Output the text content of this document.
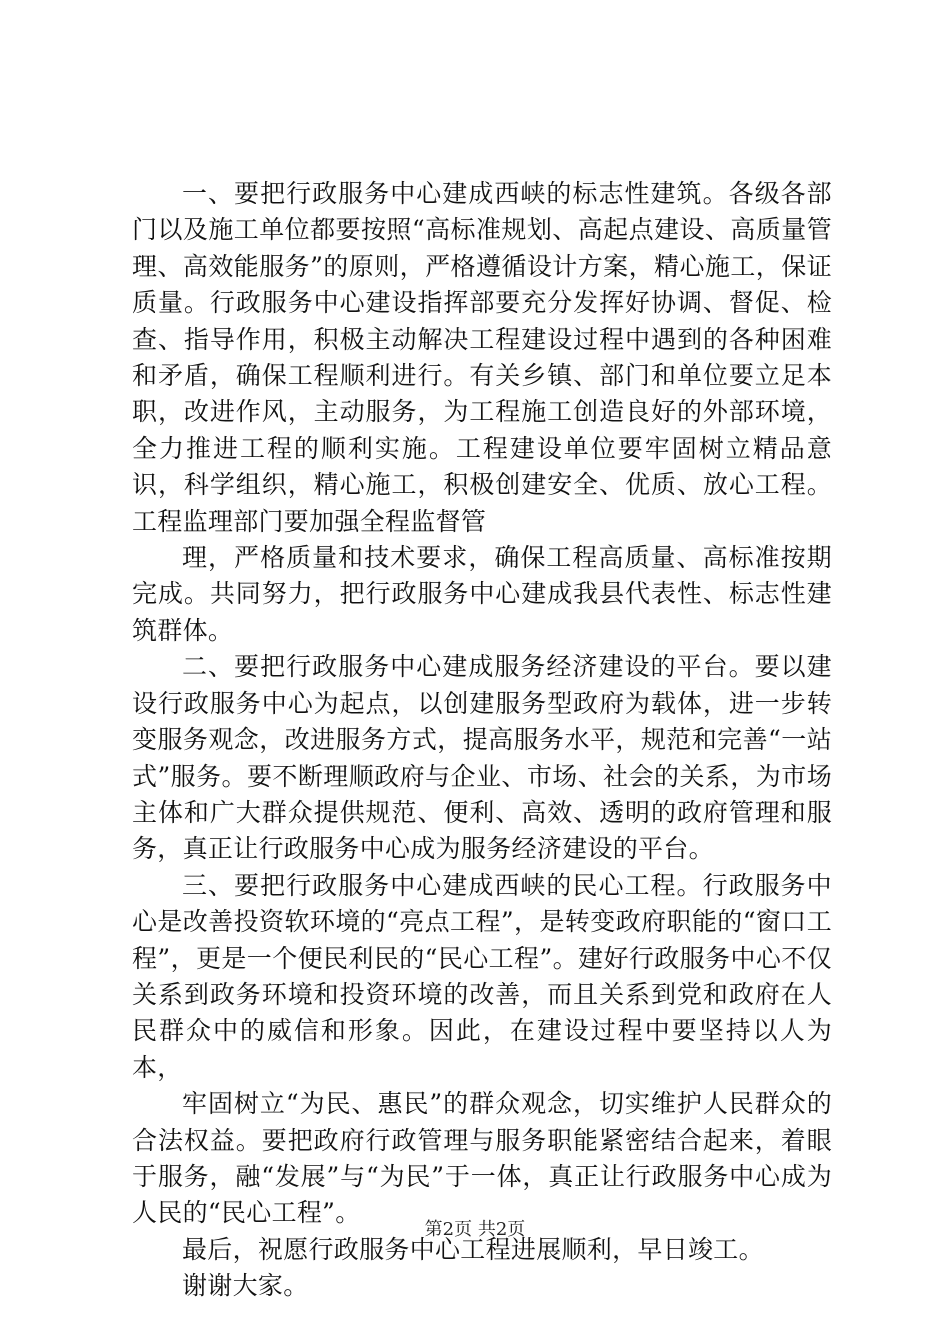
一、要把行政服务中心建成西峡的标志性建筑。各级各部门以及施工单位都要按照“高标准规划、高起点建设、高质量管理、高效能服务”的原则，严格遵循设计方案，精心施工，保证质量。行政服务中心建设指挥部要充分发挥好协调、督促、检查、指导作用，积极主动解决工程建设过程中遇到的各种困难和矛盾，确保工程顺利进行。有关乡镇、部门和单位要立足本职，改进作风，主动服务，为工程施工创造良好的外部环境，全力推进工程的顺利实施。工程建设单位要牢固树立精品意识，科学组织，精心施工，积极创建安全、优质、放心工程。工程监理部门要加强全程监督管

理，严格质量和技术要求，确保工程高质量、高标准按期完成。共同努力，把行政服务中心建成我县代表性、标志性建筑群体。

二、要把行政服务中心建成服务经济建设的平台。要以建设行政服务中心为起点，以创建服务型政府为载体，进一步转变服务观念，改进服务方式，提高服务水平，规范和完善“一站式”服务。要不断理顺政府与企业、市场、社会的关系，为市场主体和广大群众提供规范、便利、高效、透明的政府管理和服务，真正让行政服务中心成为服务经济建设的平台。

三、要把行政服务中心建成西峡的民心工程。行政服务中心是改善投资软环境的“亮点工程”，是转变政府职能的“窗口工程”，更是一个便民利民的“民心工程”。建好行政服务中心不仅关系到政务环境和投资环境的改善，而且关系到党和政府在人民群众中的威信和形象。因此，在建设过程中要坚持以人为本，

牢固树立“为民、惠民”的群众观念，切实维护人民群众的合法权益。要把政府行政管理与服务职能紧密结合起来，着眼于服务，融“发展”与“为民”于一体，真正让行政服务中心成为人民的“民心工程”。

最后，祝愿行政服务中心工程进展顺利，早日竣工。

谢谢大家。

第2页 共2页
